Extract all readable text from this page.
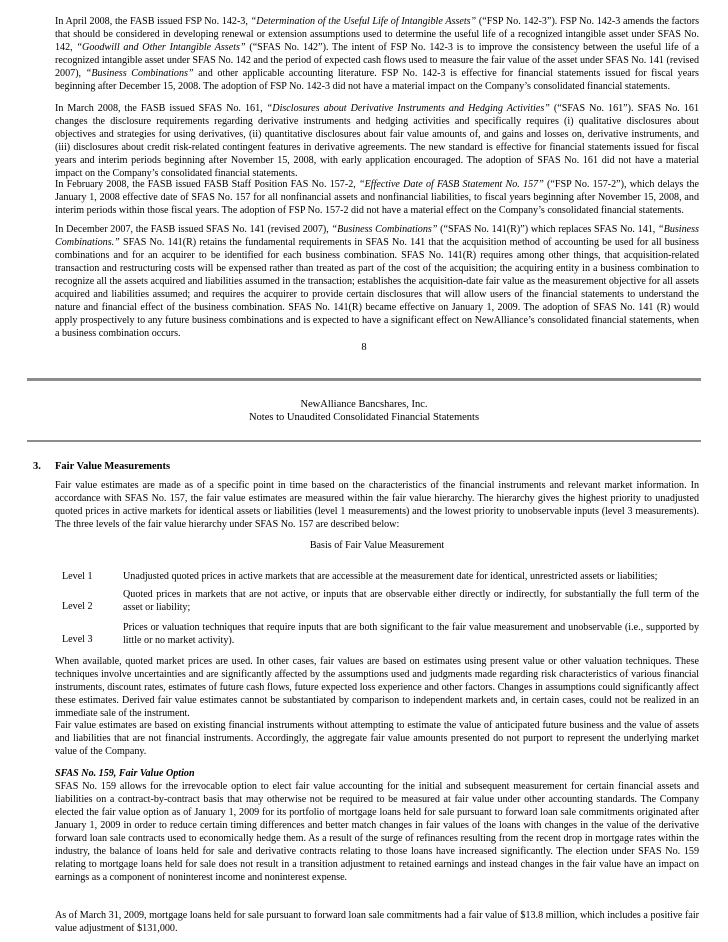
In April 2008, the FASB issued FSP No. 142-3, “Determination of the Useful Life of Intangible Assets” (“FSP No. 142-3”). FSP No. 142-3 amends the factors that should be considered in developing renewal or extension assumptions used to determine the useful life of a recognized intangible asset under SFAS No. 142, “Goodwill and Other Intangible Assets” (“SFAS No. 142”). The intent of FSP No. 142-3 is to improve the consistency between the useful life of a recognized intangible asset under SFAS No. 142 and the period of expected cash flows used to measure the fair value of the asset under SFAS No. 141 (revised 2007), “Business Combinations” and other applicable accounting literature. FSP No. 142-3 is effective for financial statements issued for fiscal years beginning after December 15, 2008. The adoption of FSP No. 142-3 did not have a material impact on the Company’s consolidated financial statements.
In March 2008, the FASB issued SFAS No. 161, “Disclosures about Derivative Instruments and Hedging Activities” (“SFAS No. 161”). SFAS No. 161 changes the disclosure requirements regarding derivative instruments and hedging activities and specifically requires (i) qualitative disclosures about objectives and strategies for using derivatives, (ii) quantitative disclosures about fair value amounts of, and gains and losses on, derivative instruments, and (iii) disclosures about credit risk-related contingent features in derivative agreements. The new standard is effective for financial statements issued for fiscal years and interim periods beginning after November 15, 2008, with early application encouraged. The adoption of SFAS No. 161 did not have a material impact on the Company’s consolidated financial statements.
In February 2008, the FASB issued FASB Staff Position FAS No. 157-2, “Effective Date of FASB Statement No. 157” (“FSP No. 157-2”), which delays the January 1, 2008 effective date of SFAS No. 157 for all nonfinancial assets and nonfinancial liabilities, to fiscal years beginning after November 15, 2008, and interim periods within those fiscal years. The adoption of FSP No. 157-2 did not have a material effect on the Company’s consolidated financial statements.
In December 2007, the FASB issued SFAS No. 141 (revised 2007), “Business Combinations” (“SFAS No. 141(R)”) which replaces SFAS No. 141, “Business Combinations.” SFAS No. 141(R) retains the fundamental requirements in SFAS No. 141 that the acquisition method of accounting be used for all business combinations and for an acquirer to be identified for each business combination. SFAS No. 141(R) requires among other things, that acquisition-related transaction and restructuring costs will be expensed rather than treated as part of the cost of the acquisition; the acquiring entity in a business combination to recognize all the assets acquired and liabilities assumed in the transaction; establishes the acquisition-date fair value as the measurement objective for all assets acquired and liabilities assumed; and requires the acquirer to provide certain disclosures that will allow users of the financial statements to understand the nature and financial effect of the business combination. SFAS No. 141(R) became effective on January 1, 2009. The adoption of SFAS No. 141 (R) would apply prospectively to any future business combinations and is expected to have a significant effect on NewAlliance’s consolidated financial statements, when a business combination occurs.
8
NewAlliance Bancshares, Inc.
Notes to Unaudited Consolidated Financial Statements
3. Fair Value Measurements
Fair value estimates are made as of a specific point in time based on the characteristics of the financial instruments and relevant market information. In accordance with SFAS No. 157, the fair value estimates are measured within the fair value hierarchy. The hierarchy gives the highest priority to unadjusted quoted prices in active markets for identical assets or liabilities (level 1 measurements) and the lowest priority to unobservable inputs (level 3 measurements). The three levels of the fair value hierarchy under SFAS No. 157 are described below:
Basis of Fair Value Measurement
Level 1	Unadjusted quoted prices in active markets that are accessible at the measurement date for identical, unrestricted assets or liabilities;
Level 2
Quoted prices in markets that are not active, or inputs that are observable either directly or indirectly, for substantially the full term of the asset or liability;
Level 3
Prices or valuation techniques that require inputs that are both significant to the fair value measurement and unobservable (i.e., supported by little or no market activity).
When available, quoted market prices are used. In other cases, fair values are based on estimates using present value or other valuation techniques. These techniques involve uncertainties and are significantly affected by the assumptions used and judgments made regarding risk characteristics of various financial instruments, discount rates, estimates of future cash flows, future expected loss experience and other factors. Changes in assumptions could significantly affect these estimates. Derived fair value estimates cannot be substantiated by comparison to independent markets and, in certain cases, could not be realized in an immediate sale of the instrument.
Fair value estimates are based on existing financial instruments without attempting to estimate the value of anticipated future business and the value of assets and liabilities that are not financial instruments. Accordingly, the aggregate fair value amounts presented do not purport to represent the underlying market value of the Company.
SFAS No. 159, Fair Value Option
SFAS No. 159 allows for the irrevocable option to elect fair value accounting for the initial and subsequent measurement for certain financial assets and liabilities on a contract-by-contract basis that may otherwise not be required to be measured at fair value under other accounting standards. The Company elected the fair value option as of January 1, 2009 for its portfolio of mortgage loans held for sale pursuant to forward loan sale commitments originated after January 1, 2009 in order to reduce certain timing differences and better match changes in fair values of the loans with changes in the value of the derivative forward loan sale contracts used to economically hedge them. As a result of the surge of refinances resulting from the recent drop in mortgage rates within the industry, the balance of loans held for sale and derivative contracts relating to those loans have increased significantly. The election under SFAS No. 159 relating to mortgage loans held for sale does not result in a transition adjustment to retained earnings and instead changes in the fair value have an impact on earnings as a component of noninterest income and noninterest expense.
As of March 31, 2009, mortgage loans held for sale pursuant to forward loan sale commitments had a fair value of $13.8 million, which includes a positive fair value adjustment of $131,000.
